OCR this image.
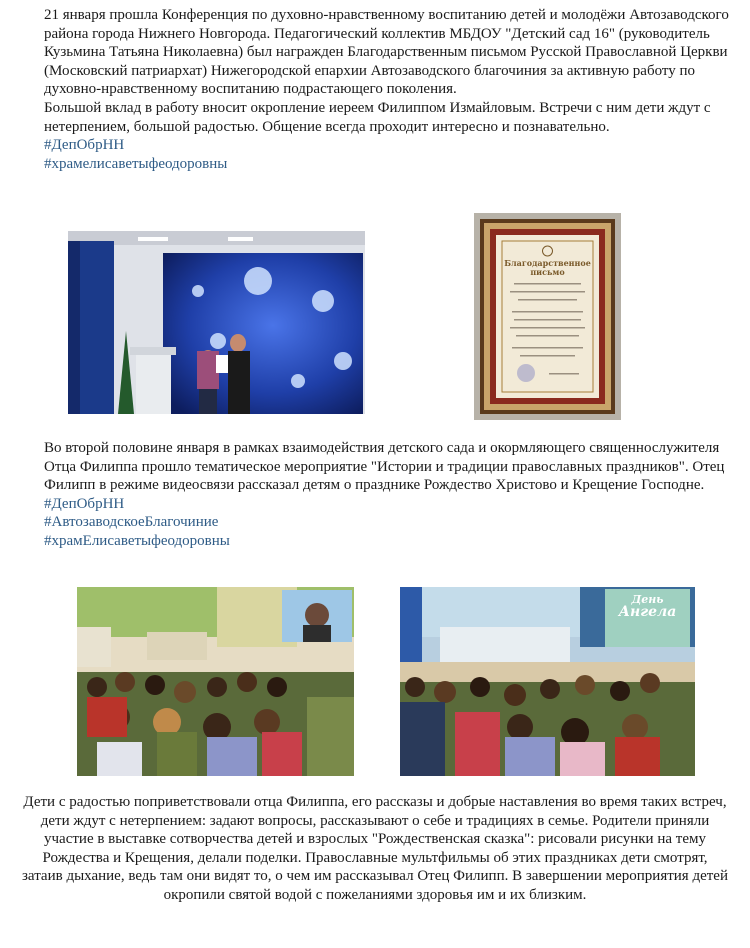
21 января прошла Конференция по духовно-нравственному воспитанию детей и молодёжи Автозаводского района города Нижнего Новгорода. Педагогический коллектив МБДОУ "Детский сад 16" (руководитель Кузьмина Татьяна Николаевна) был награжден Благодарственным письмом Русской Православной Церкви (Московский патриархат) Нижегородской епархии Автозаводского благочиния за активную работу по духовно-нравственному воспитанию подрастающего поколения.

Большой вклад в работу вносит окропление иереем Филиппом Измайловым. Встречи с ним дети ждут с нетерпением, большой радостью. Общение всегда проходит интересно и познавательно.

#ДепОбрНН
#храмелисаветыфеодоровны
Благодарственное
письмо

Во второй половине января в рамках взаимодействия детского сада и окормляющего священнослужителя Отца Филиппа прошло тематическое мероприятие "Истории и традиции православных праздников". Отец Филипп в режиме видеосвязи рассказал детям о празднике Рождество Христово и Крещение Господне.

#ДепОбрНН
#АвтозаводскоеБлагочиние
#храмЕлисаветыфеодоровны
День
Ангела

Дети с радостью поприветствовали отца Филиппа, его рассказы и добрые наставления во время таких встреч, дети ждут с нетерпением: задают вопросы, рассказывают о себе и традициях в семье. Родители приняли участие в выставке сотворчества детей и взрослых "Рождественская сказка": рисовали рисунки на тему Рождества и Крещения, делали поделки. Православные мультфильмы об этих праздниках дети смотрят, затаив дыхание, ведь там они видят то, о чем им рассказывал Отец Филипп. В завершении мероприятия детей окропили святой водой с пожеланиями здоровья им и их близким.
